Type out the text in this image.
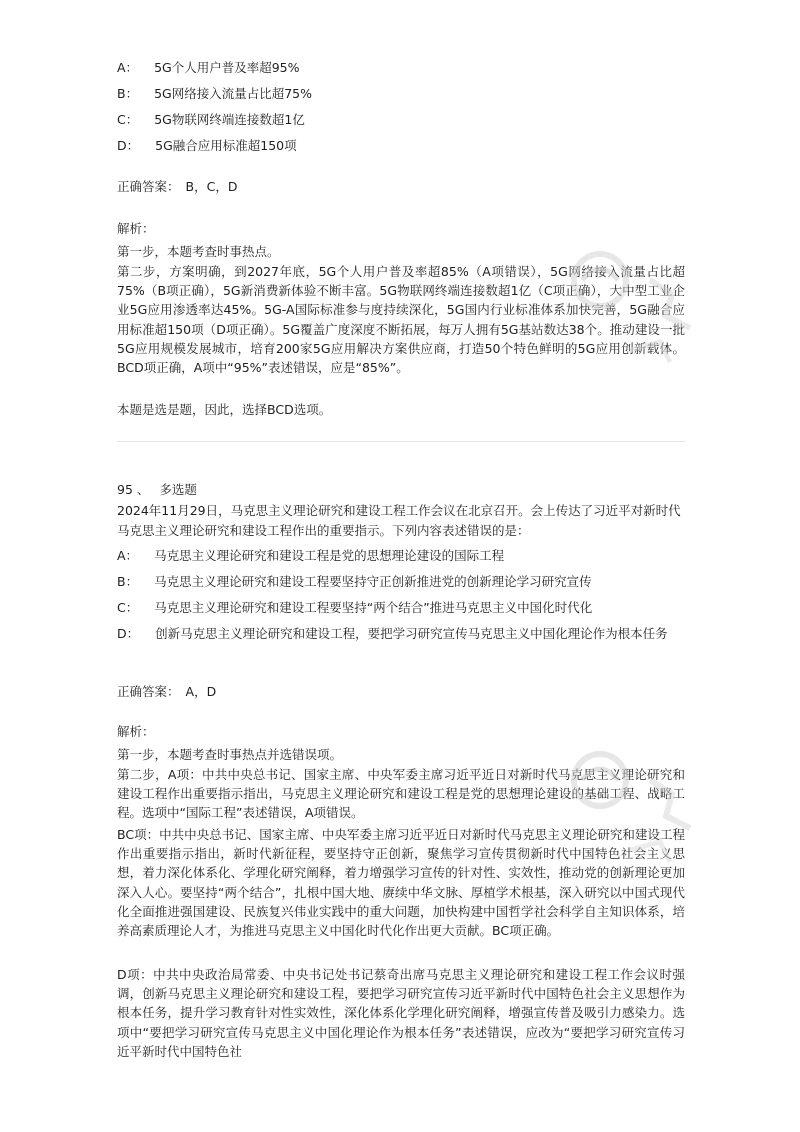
A： 5G个人用户普及率超95%
B： 5G网络接入流量占比超75%
C： 5G物联网终端连接数超1亿
D： 5G融合应用标准超150项
正确答案： B，C，D
解析：
第一步，本题考查时事热点。
第二步，方案明确，到2027年底，5G个人用户普及率超85%（A项错误），5G网络接入流量占比超75%（B项正确），5G新消费新体验不断丰富。5G物联网终端连接数超1亿（C项正确），大中型工业企业5G应用渗透率达45%。5G-A国际标准参与度持续深化，5G国内行业标准体系加快完善，5G融合应用标准超150项（D项正确）。5G覆盖广度深度不断拓展，每万人拥有5G基站数达38个。推动建设一批5G应用规模发展城市，培育200家5G应用解决方案供应商，打造50个特色鲜明的5G应用创新载体。BCD项正确，A项中“95%”表述错误，应是“85%”。
本题是选是题，因此，选择BCD选项。
95 、 多选题
2024年11月29日，马克思主义理论研究和建设工程工作会议在北京召开。会上传达了习近平对新时代马克思主义理论研究和建设工程作出的重要指示。下列内容表述错误的是：
A： 马克思主义理论研究和建设工程是党的思想理论建设的国际工程
B： 马克思主义理论研究和建设工程要坚持守正创新推进党的创新理论学习研究宣传
C： 马克思主义理论研究和建设工程要坚持“两个结合”推进马克思主义中国化时代化
D： 创新马克思主义理论研究和建设工程，要把学习研究宣传马克思主义中国化理论作为根本任务
正确答案： A，D
解析：
第一步，本题考查时事热点并选错误项。
第二步，A项：中共中央总书记、国家主席、中央军委主席习近平近日对新时代马克思主义理论研究和建设工程作出重要指示指出，马克思主义理论研究和建设工程是党的思想理论建设的基础工程、战略工程。选项中“国际工程”表述错误，A项错误。
BC项：中共中央总书记、国家主席、中央军委主席习近平近日对新时代马克思主义理论研究和建设工程作出重要指示指出，新时代新征程，要坚持守正创新，聚焦学习宣传贯彻新时代中国特色社会主义思想，着力深化体系化、学理化研究阐释，着力增强学习宣传的针对性、实效性，推动党的创新理论更加深入人心。要坚持“两个结合”，扎根中国大地、赓续中华文脉、厚植学术根基，深入研究以中国式现代化全面推进强国建设、民族复兴伟业实践中的重大问题，加快构建中国哲学社会科学自主知识体系，培养高素质理论人才，为推进马克思主义中国化时代化作出更大贡献。BC项正确。
D项：中共中央政治局常委、中央书记处书记蔡奇出席马克思主义理论研究和建设工程工作会议时强调，创新马克思主义理论研究和建设工程，要把学习研究宣传习近平新时代中国特色社会主义思想作为根本任务，提升学习教育针对性实效性，深化体系化学理化研究阐释，增强宣传普及吸引力感染力。选项中“要把学习研究宣传马克思主义中国化理论作为根本任务”表述错误，应改为“要把学习研究宣传习近平新时代中国特色社
